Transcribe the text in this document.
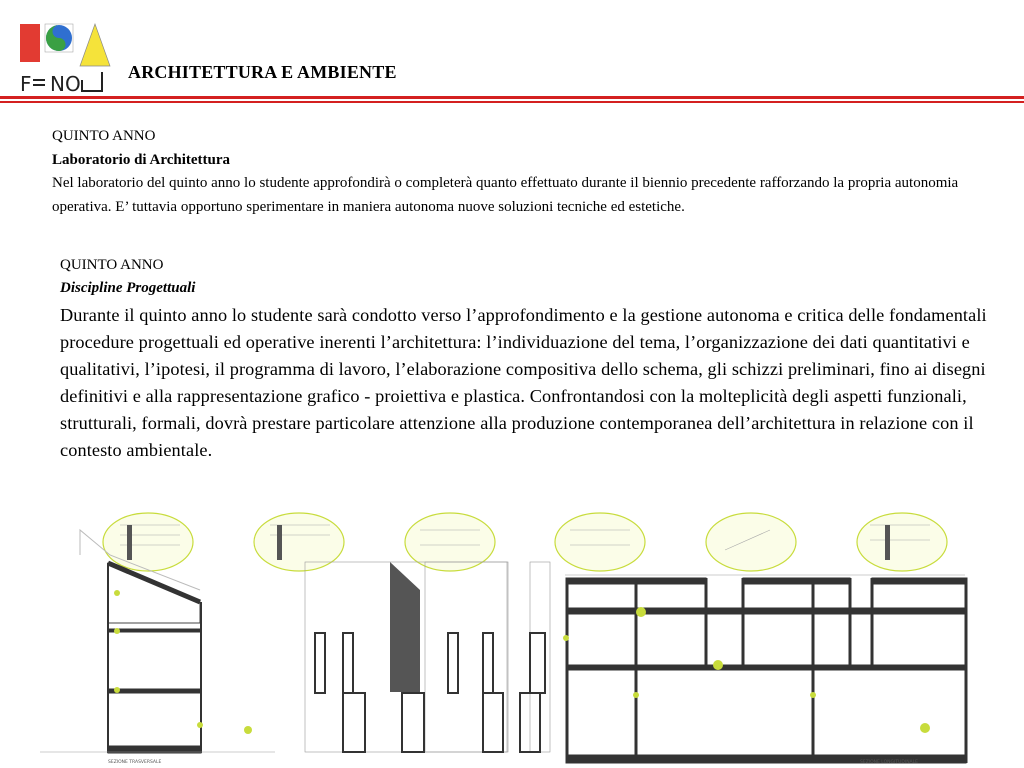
F NO	ARCHITETTURA E AMBIENTE
QUINTO ANNO
Laboratorio di Architettura
Nel laboratorio del quinto anno lo studente approfondirà o completerà quanto effettuato durante il biennio precedente rafforzando la propria autonomia operativa. E’ tuttavia opportuno sperimentare in maniera autonoma nuove soluzioni tecniche ed estetiche.
QUINTO ANNO
Discipline Progettuali
Durante il quinto anno lo studente sarà condotto verso l’approfondimento e la gestione autonoma e critica delle fondamentali procedure progettuali ed operative inerenti l’architettura: l’individuazione del tema, l’organizzazione dei dati quantitativi e qualitativi, l’ipotesi, il programma di lavoro, l’elaborazione compositiva dello schema, gli schizzi preliminari, fino ai disegni definitivi e alla rappresentazione grafico - proiettiva e plastica. Confrontandosi con la molteplicità degli aspetti funzionali, strutturali, formali, dovrà prestare particolare attenzione alla produzione contemporanea dell’architettura in relazione con il contesto ambientale.
SEZIONE TRASVERSALE	SEZIONE LONGITUDINALE
